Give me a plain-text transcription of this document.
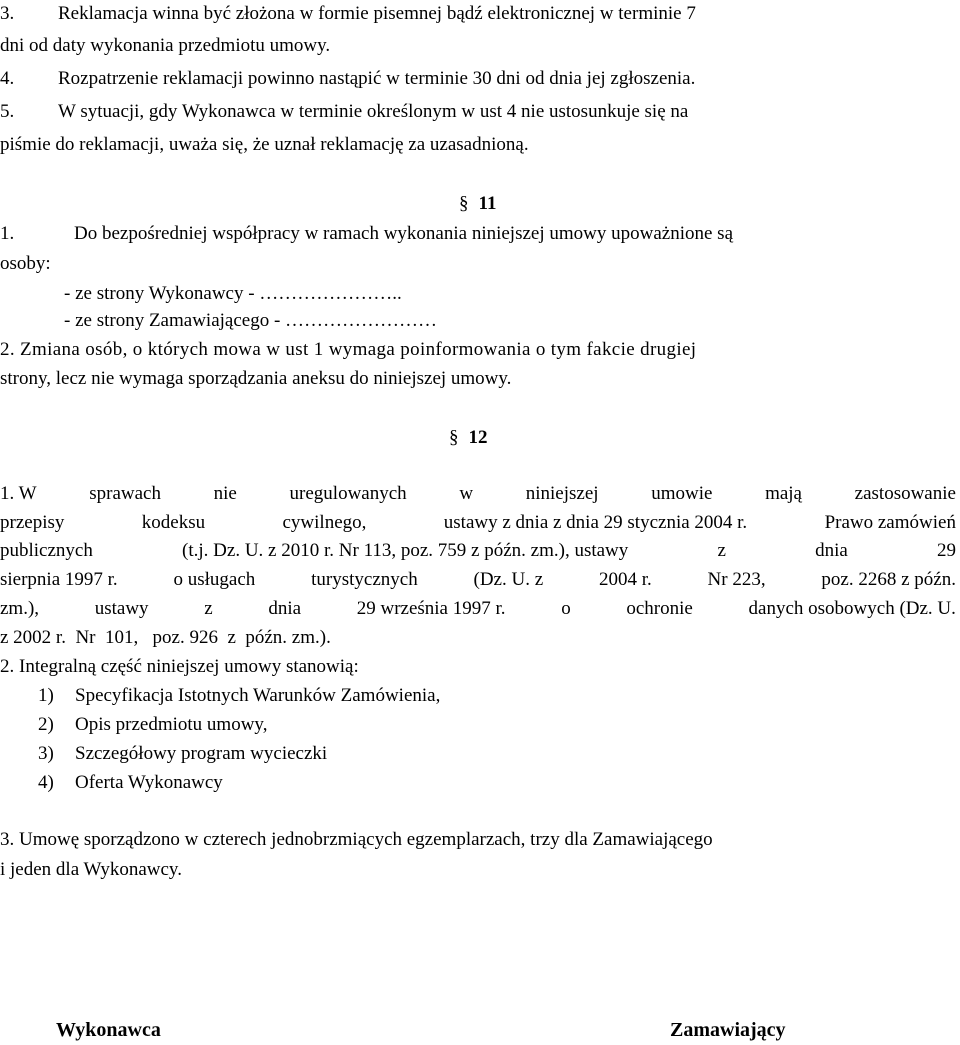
3. Reklamacja winna być złożona w formie pisemnej bądź elektronicznej w terminie 7
dni od daty wykonania przedmiotu umowy.
4. Rozpatrzenie reklamacji powinno nastąpić w terminie 30 dni od dnia jej zgłoszenia.
5. W sytuacji, gdy Wykonawca w terminie określonym w ust 4 nie ustosunkuje się na
piśmie do reklamacji, uważa się, że uznał reklamację za uzasadnioną.
§ 11
1.	Do bezpośredniej współpracy w ramach wykonania niniejszej umowy upoważnione są
osoby:
- ze strony Wykonawcy - …………………..
- ze strony Zamawiającego - ……………………
2. Zmiana osób, o których mowa w ust 1 wymaga poinformowania o tym fakcie drugiej
strony, lecz nie wymaga sporządzania aneksu do niniejszej umowy.
§ 12
1. W	sprawach	nie	uregulowanych	w	niniejszej	umowie	mają	zastosowanie
przepisy	kodeksu	cywilnego,	ustawy z dnia z dnia 29 stycznia 2004 r.	Prawo zamówień
publicznych	(t.j. Dz. U. z 2010 r. Nr 113, poz. 759 z późn. zm.), ustawy	z	dnia	29
sierpnia 1997 r.	o usługach	turystycznych	(Dz. U. z	2004 r.	Nr 223,	poz. 2268 z późn.
zm.),	ustawy	z	dnia	29 września 1997 r.	o	ochronie	danych osobowych (Dz. U.
z 2002 r.  Nr  101,   poz. 926  z  późn. zm.).
2. Integralną część niniejszej umowy stanowią:
1) Specyfikacja Istotnych Warunków Zamówienia,
2) Opis przedmiotu umowy,
3) Szczegółowy program wycieczki
4) Oferta Wykonawcy
3. Umowę sporządzono w czterech jednobrzmiących egzemplarzach, trzy dla Zamawiającego
i jeden dla Wykonawcy.
Wykonawca	Zamawiający
